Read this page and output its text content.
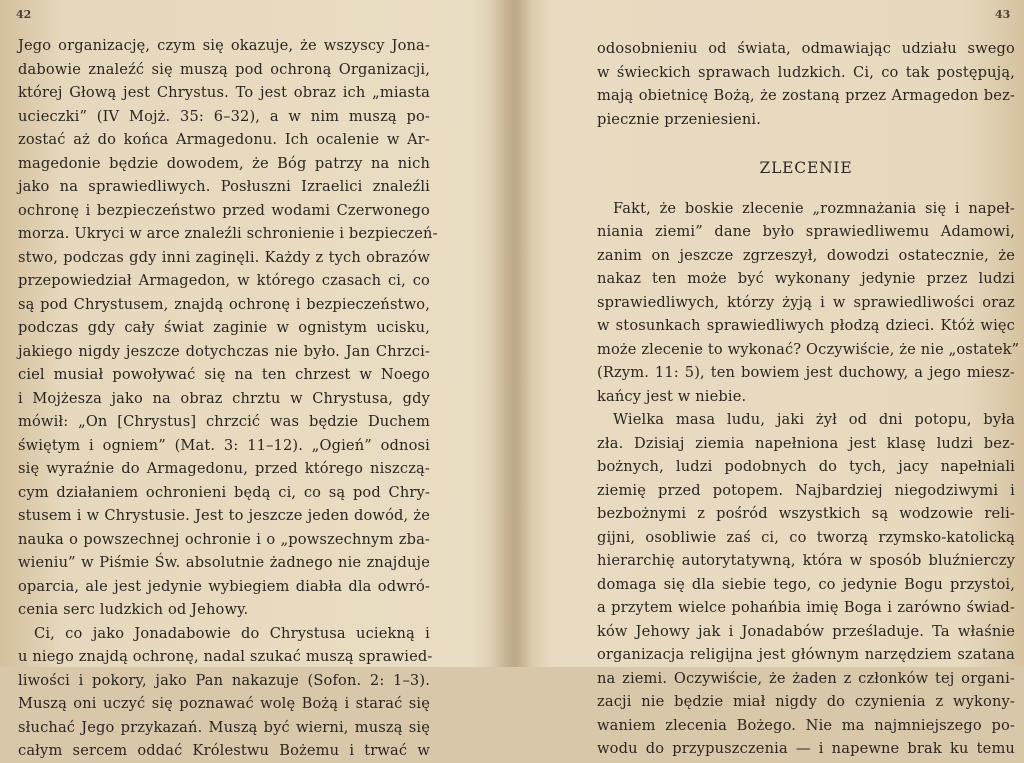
42	43
Jego organizację, czym się okazuje, że wszyscy Jona-
dabowie znaleźć się muszą pod ochroną Organizacji,
której Głową jest Chrystus. To jest obraz ich „miasta
ucieczki” (IV Mojż. 35: 6–32), a w nim muszą po-
zostać aż do końca Armagedonu. Ich ocalenie w Ar-
magedonie będzie dowodem, że Bóg patrzy na nich
jako na sprawiedliwych. Posłuszni Izraelici znaleźli
ochronę i bezpieczeństwo przed wodami Czerwonego
morza. Ukryci w arce znaleźli schronienie i bezpieczeń-
stwo, podczas gdy inni zaginęli. Każdy z tych obrazów
przepowiedział Armagedon, w którego czasach ci, co
są pod Chrystusem, znajdą ochronę i bezpieczeństwo,
podczas gdy cały świat zaginie w ognistym ucisku,
jakiego nigdy jeszcze dotychczas nie było. Jan Chrzci-
ciel musiał powoływać się na ten chrzest w Noego
i Mojżesza jako na obraz chrztu w Chrystusa, gdy
mówił: „On [Chrystus] chrzcić was będzie Duchem
świętym i ogniem” (Mat. 3: 11–12). „Ogień” odnosi
się wyraźnie do Armagedonu, przed którego niszczą-
cym działaniem ochronieni będą ci, co są pod Chry-
stusem i w Chrystusie. Jest to jeszcze jeden dowód, że
nauka o powszechnej ochronie i o „powszechnym zba-
wieniu” w Piśmie Św. absolutnie żadnego nie znajduje
oparcia, ale jest jedynie wybiegiem diabła dla odwró-
cenia serc ludzkich od Jehowy.
Ci, co jako Jonadabowie do Chrystusa uciekną i
u niego znajdą ochronę, nadal szukać muszą sprawied-
liwości i pokory, jako Pan nakazuje (Sofon. 2: 1–3).
Muszą oni uczyć się poznawać wolę Bożą i starać się
słuchać Jego przykazań. Muszą być wierni, muszą się
całym sercem oddać Królestwu Bożemu i trwać w
odosobnieniu od świata, odmawiając udziału swego
w świeckich sprawach ludzkich. Ci, co tak postępują,
mają obietnicę Bożą, że zostaną przez Armagedon bez-
piecznie przeniesieni.
ZLECENIE
Fakt, że boskie zlecenie „rozmnażania się i napeł-
niania ziemi” dane było sprawiedliwemu Adamowi,
zanim on jeszcze zgrzeszył, dowodzi ostatecznie, że
nakaz ten może być wykonany jedynie przez ludzi
sprawiedliwych, którzy żyją i w sprawiedliwości oraz
w stosunkach sprawiedliwych płodzą dzieci. Któż więc
może zlecenie to wykonać? Oczywiście, że nie „ostatek”
(Rzym. 11: 5), ten bowiem jest duchowy, a jego miesz-
kańcy jest w niebie.
Wielka masa ludu, jaki żył od dni potopu, była
zła. Dzisiaj ziemia napełniona jest klasę ludzi bez-
bożnych, ludzi podobnych do tych, jacy napełniali
ziemię przed potopem. Najbardziej niegodziwymi i
bezbożnymi z pośród wszystkich są wodzowie reli-
gijni, osobliwie zaś ci, co tworzą rzymsko-katolicką
hierarchię autorytatywną, która w sposób bluźnierczy
domaga się dla siebie tego, co jedynie Bogu przystoi,
a przytem wielce pohańbia imię Boga i zarówno świad-
ków Jehowy jak i Jonadabów prześladuje. Ta właśnie
organizacja religijna jest głównym narzędziem szatana
na ziemi. Oczywiście, że żaden z członków tej organi-
zacji nie będzie miał nigdy do czynienia z wykony-
waniem zlecenia Bożego. Nie ma najmniejszego po-
wodu do przypuszczenia — i napewne brak ku temu
